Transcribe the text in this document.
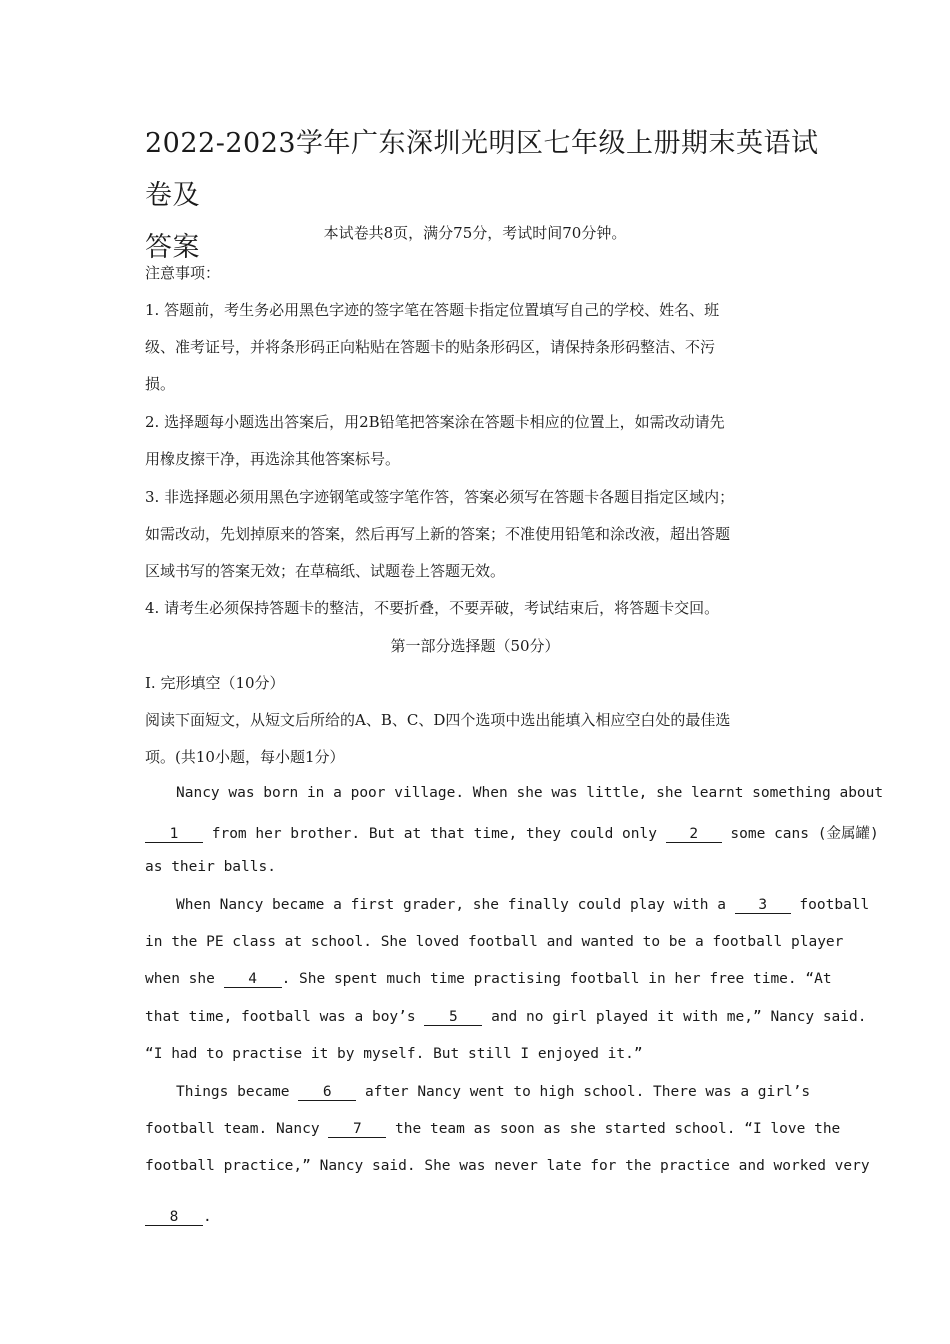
2022-2023学年广东深圳光明区七年级上册期末英语试卷及
答案	本试卷共8页，满分75分，考试时间70分钟。
注意事项：
1. 答题前，考生务必用黑色字迹的签字笔在答题卡指定位置填写自己的学校、姓名、班
级、准考证号，并将条形码正向粘贴在答题卡的贴条形码区，请保持条形码整洁、不污
损。
2. 选择题每小题选出答案后，用2B铅笔把答案涂在答题卡相应的位置上，如需改动请先
用橡皮擦干净，再选涂其他答案标号。
3. 非选择题必须用黑色字迹钢笔或签字笔作答，答案必须写在答题卡各题目指定区域内；
如需改动，先划掉原来的答案，然后再写上新的答案；不准使用铅笔和涂改液，超出答题
区域书写的答案无效；在草稿纸、试题卷上答题无效。
4. 请考生必须保持答题卡的整洁，不要折叠，不要弄破，考试结束后，将答题卡交回。
第一部分选择题（50分）
Ⅰ. 完形填空（10分）
阅读下面短文，从短文后所给的A、B、C、D四个选项中选出能填入相应空白处的最佳选
项。(共10小题，每小题1分）
Nancy was born in a poor village. When she was little, she learnt something about
1 from her brother. But at that time, they could only 2 some cans (金属罐)
as their balls.
When Nancy became a first grader, she finally could play with a 3 football
in the PE class at school. She loved football and wanted to be a football player
when she 4 . She spent much time practising football in her free time. “At
that time, football was a boy’s 5 and no girl played it with me,” Nancy said.
“I had to practise it by myself. But still I enjoyed it.”
Things became 6 after Nancy went to high school. There was a girl’s
football team. Nancy 7 the team as soon as she started school. “I love the
football practice,” Nancy said. She was never late for the practice and worked very
8 .
